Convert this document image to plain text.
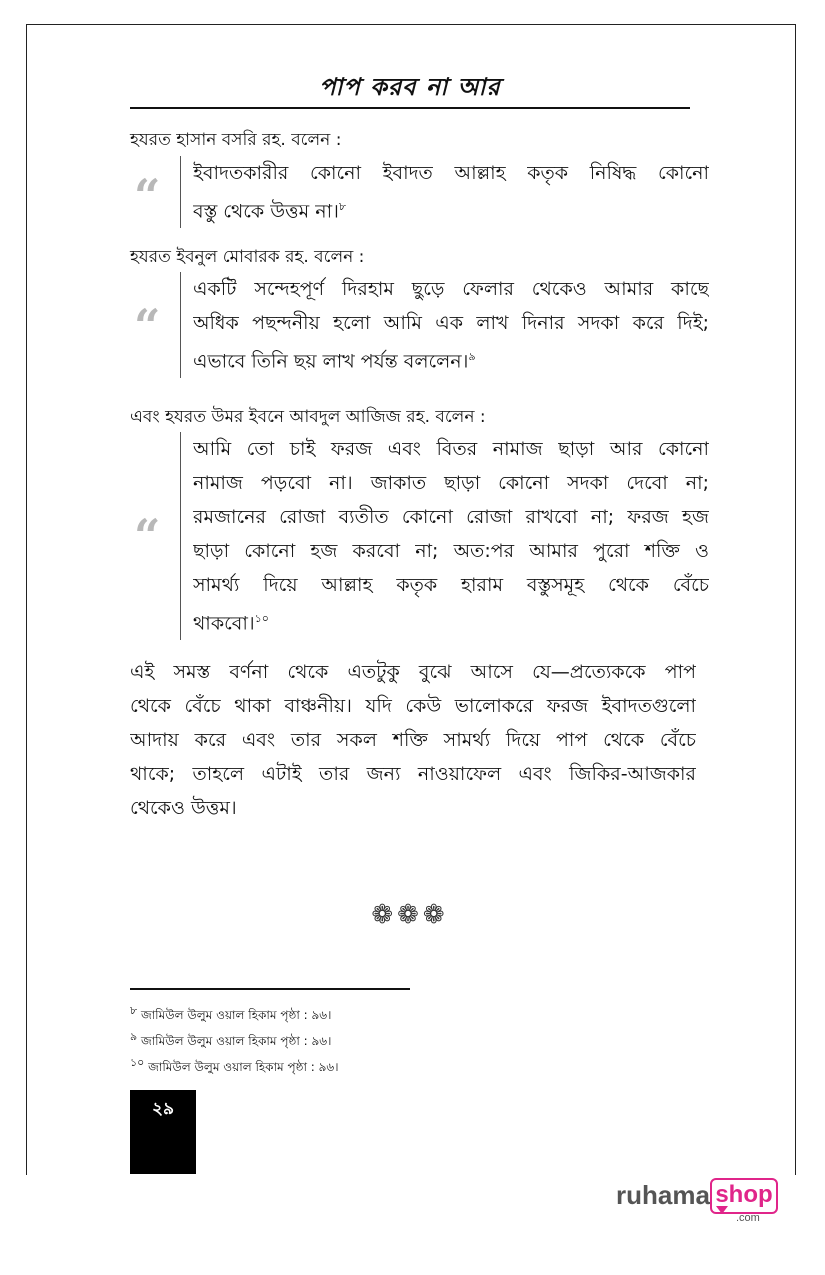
পাপ করব না আর
হযরত হাসান বসরি রহ. বলেন :
“ ইবাদতকারীর কোনো ইবাদত আল্লাহ কতৃক নিষিদ্ধ কোনো
বস্তু থেকে উত্তম না।$^৮$
হযরত ইবনুল মোবারক রহ. বলেন :
“
একটি সন্দেহপূর্ণ দিরহাম ছুড়ে ফেলার থেকেও আমার কাছে
অধিক পছন্দনীয় হলো আমি এক লাখ দিনার সদকা করে দিই;
এভাবে তিনি ছয় লাখ পর্যন্ত বললেন।$^৯$
এবং হযরত উমর ইবনে আবদুল আজিজ রহ. বলেন :
“
আমি তো চাই ফরজ এবং বিতর নামাজ ছাড়া আর কোনো
নামাজ পড়বো না। জাকাত ছাড়া কোনো সদকা দেবো না;
রমজানের রোজা ব্যতীত কোনো রোজা রাখবো না; ফরজ হজ
ছাড়া কোনো হজ করবো না; অত:পর আমার পুরো শক্তি ও
সামর্থ্য দিয়ে আল্লাহ কতৃক হারাম বস্তুসমূহ থেকে বেঁচে
থাকবো।$^{১০}$
এই সমস্ত বর্ণনা থেকে এতটুকু বুঝে আসে যে—প্রত্যেককে পাপ
থেকে বেঁচে থাকা বাঞ্চনীয়। যদি কেউ ভালোকরে ফরজ ইবাদতগুলো
আদায় করে এবং তার সকল শক্তি সামর্থ্য দিয়ে পাপ থেকে বেঁচে
থাকে; তাহলে এটাই তার জন্য নাওয়াফেল এবং জিকির-আজকার
থেকেও উত্তম।
❁❁❁
$^৮$ জামিউল উলুম ওয়াল হিকাম পৃষ্ঠা : ৯৬।
$^৯$ জামিউল উলুম ওয়াল হিকাম পৃষ্ঠা : ৯৬।
$^{১০}$ জামিউল উলুম ওয়াল হিকাম পৃষ্ঠা : ৯৬।
২৯
ruhama shop
.com
